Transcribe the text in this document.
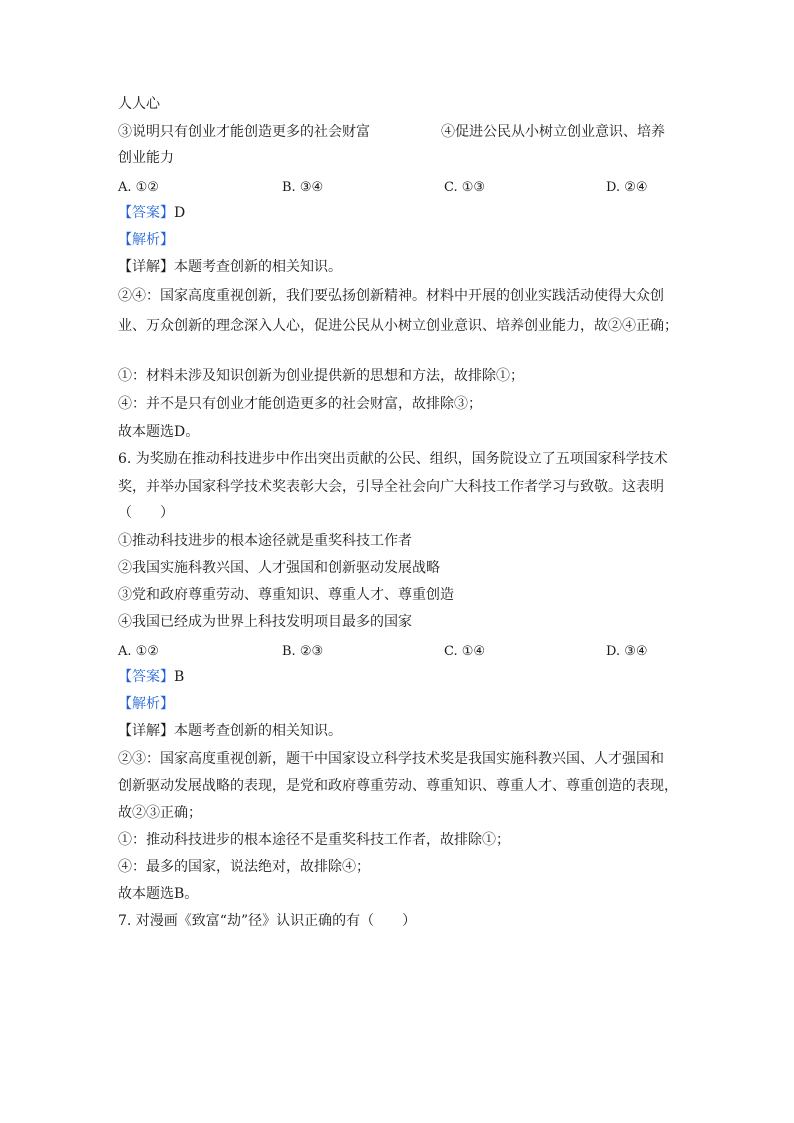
人人心
③说明只有创业才能创造更多的社会财富	④促进公民从小树立创业意识、培养
创业能力
A. ①②	B. ③④	C. ①③	D. ②④
【答案】D
【解析】
【详解】本题考查创新的相关知识。
②④：国家高度重视创新，我们要弘扬创新精神。材料中开展的创业实践活动使得大众创
业、万众创新的理念深入人心，促进公民从小树立创业意识、培养创业能力，故②④正确；
①：材料未涉及知识创新为创业提供新的思想和方法，故排除①；
④：并不是只有创业才能创造更多的社会财富，故排除③；
故本题选D。
6. 为奖励在推动科技进步中作出突出贡献的公民、组织，国务院设立了五项国家科学技术
奖，并举办国家科学技术奖表彰大会，引导全社会向广大科技工作者学习与致敬。这表明
（　　）
①推动科技进步的根本途径就是重奖科技工作者
②我国实施科教兴国、人才强国和创新驱动发展战略
③党和政府尊重劳动、尊重知识、尊重人才、尊重创造
④我国已经成为世界上科技发明项目最多的国家
A. ①②	B. ②③	C. ①④	D. ③④
【答案】B
【解析】
【详解】本题考查创新的相关知识。
②③：国家高度重视创新，题干中国家设立科学技术奖是我国实施科教兴国、人才强国和
创新驱动发展战略的表现，是党和政府尊重劳动、尊重知识、尊重人才、尊重创造的表现，
故②③正确；
①：推动科技进步的根本途径不是重奖科技工作者，故排除①；
④：最多的国家，说法绝对，故排除④；
故本题选B。
7. 对漫画《致富“劫”径》认识正确的有（　　）
